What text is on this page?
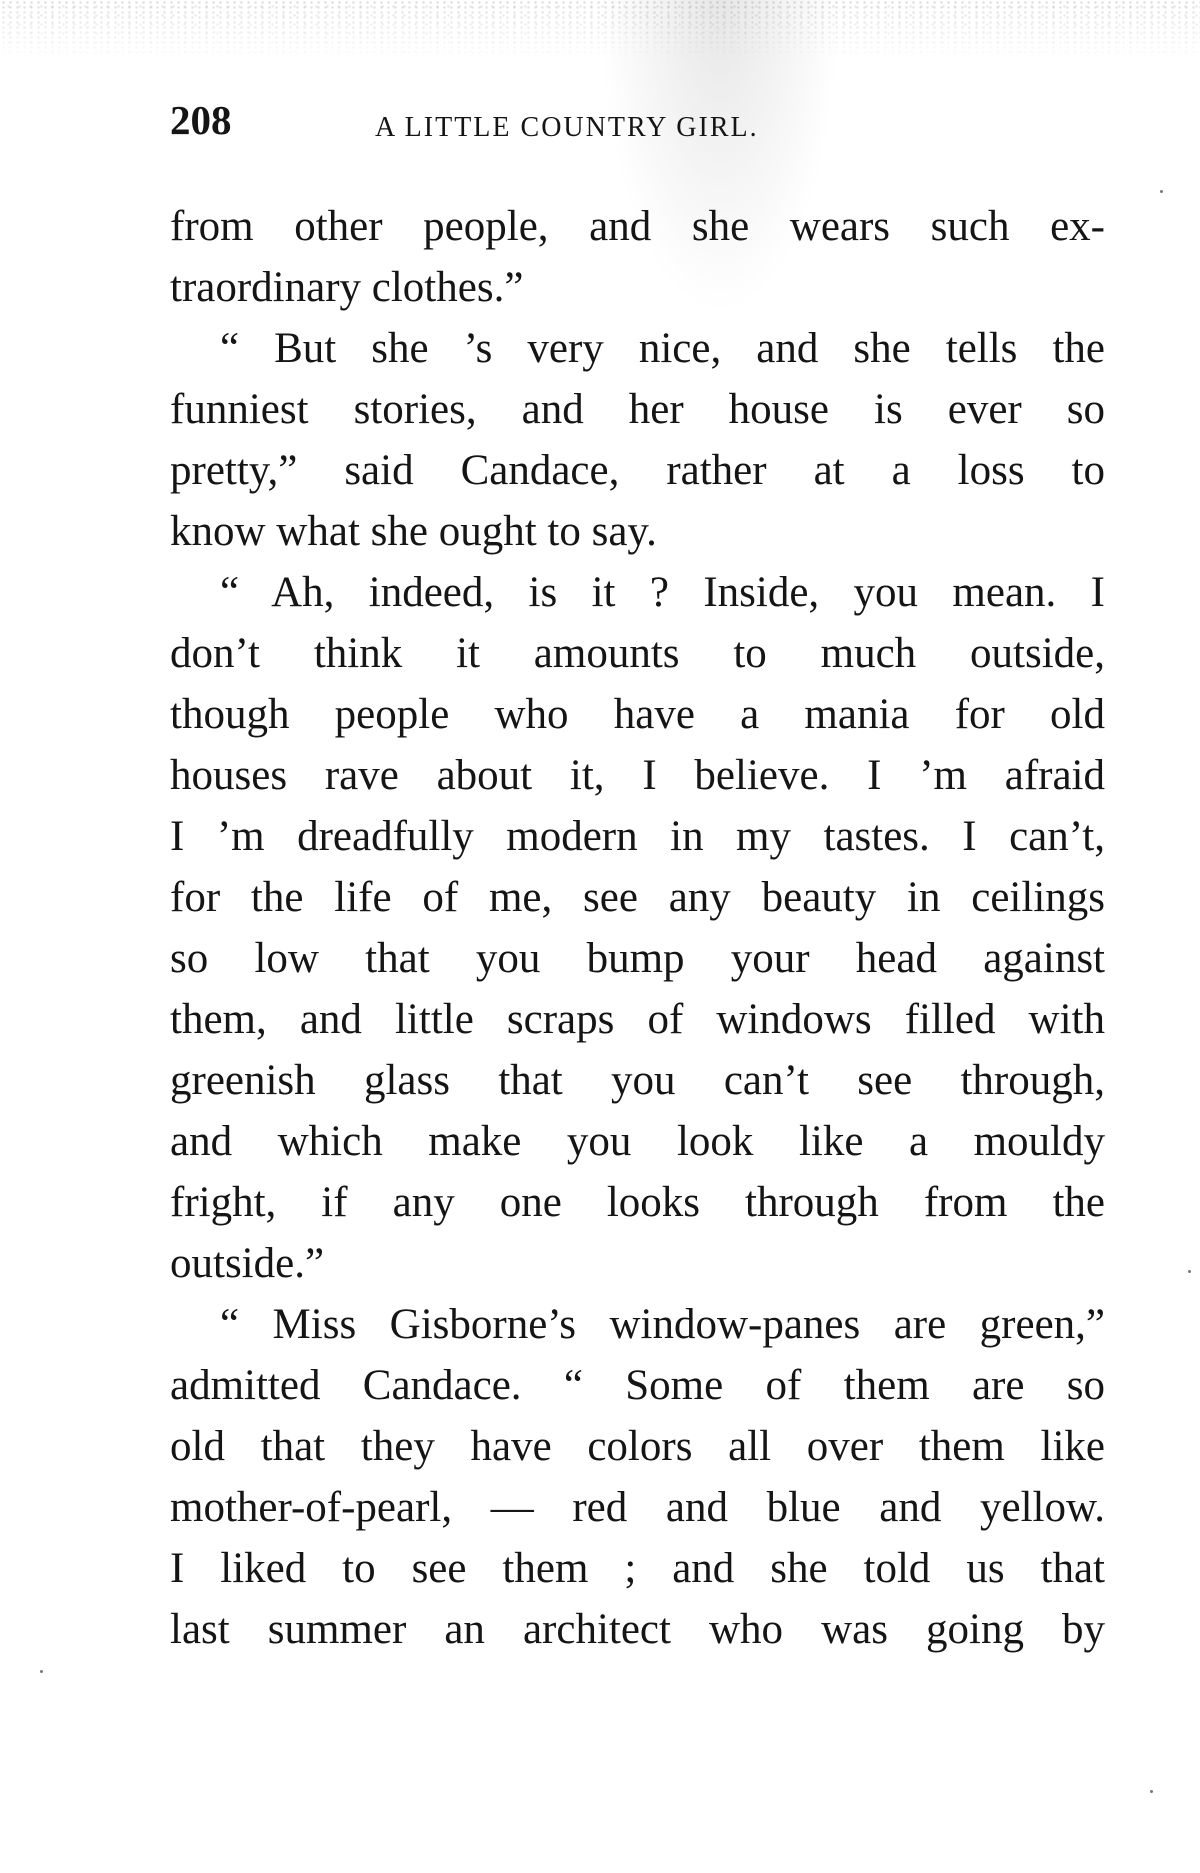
208	A LITTLE COUNTRY GIRL.
from other people, and she wears such ex-
traordinary clothes.”
“ But she ’s very nice, and she tells the
funniest stories, and her house is ever so
pretty,” said Candace, rather at a loss to
know what she ought to say.
“ Ah, indeed, is it ? Inside, you mean. I
don’t think it amounts to much outside,
though people who have a mania for old
houses rave about it, I believe. I ’m afraid
I ’m dreadfully modern in my tastes. I can’t,
for the life of me, see any beauty in ceilings
so low that you bump your head against
them, and little scraps of windows filled with
greenish glass that you can’t see through,
and which make you look like a mouldy
fright, if any one looks through from the
outside.”
“ Miss Gisborne’s window-panes are green,”
admitted Candace. “ Some of them are so
old that they have colors all over them like
mother-of-pearl, — red and blue and yellow.
I liked to see them ; and she told us that
last summer an architect who was going by
